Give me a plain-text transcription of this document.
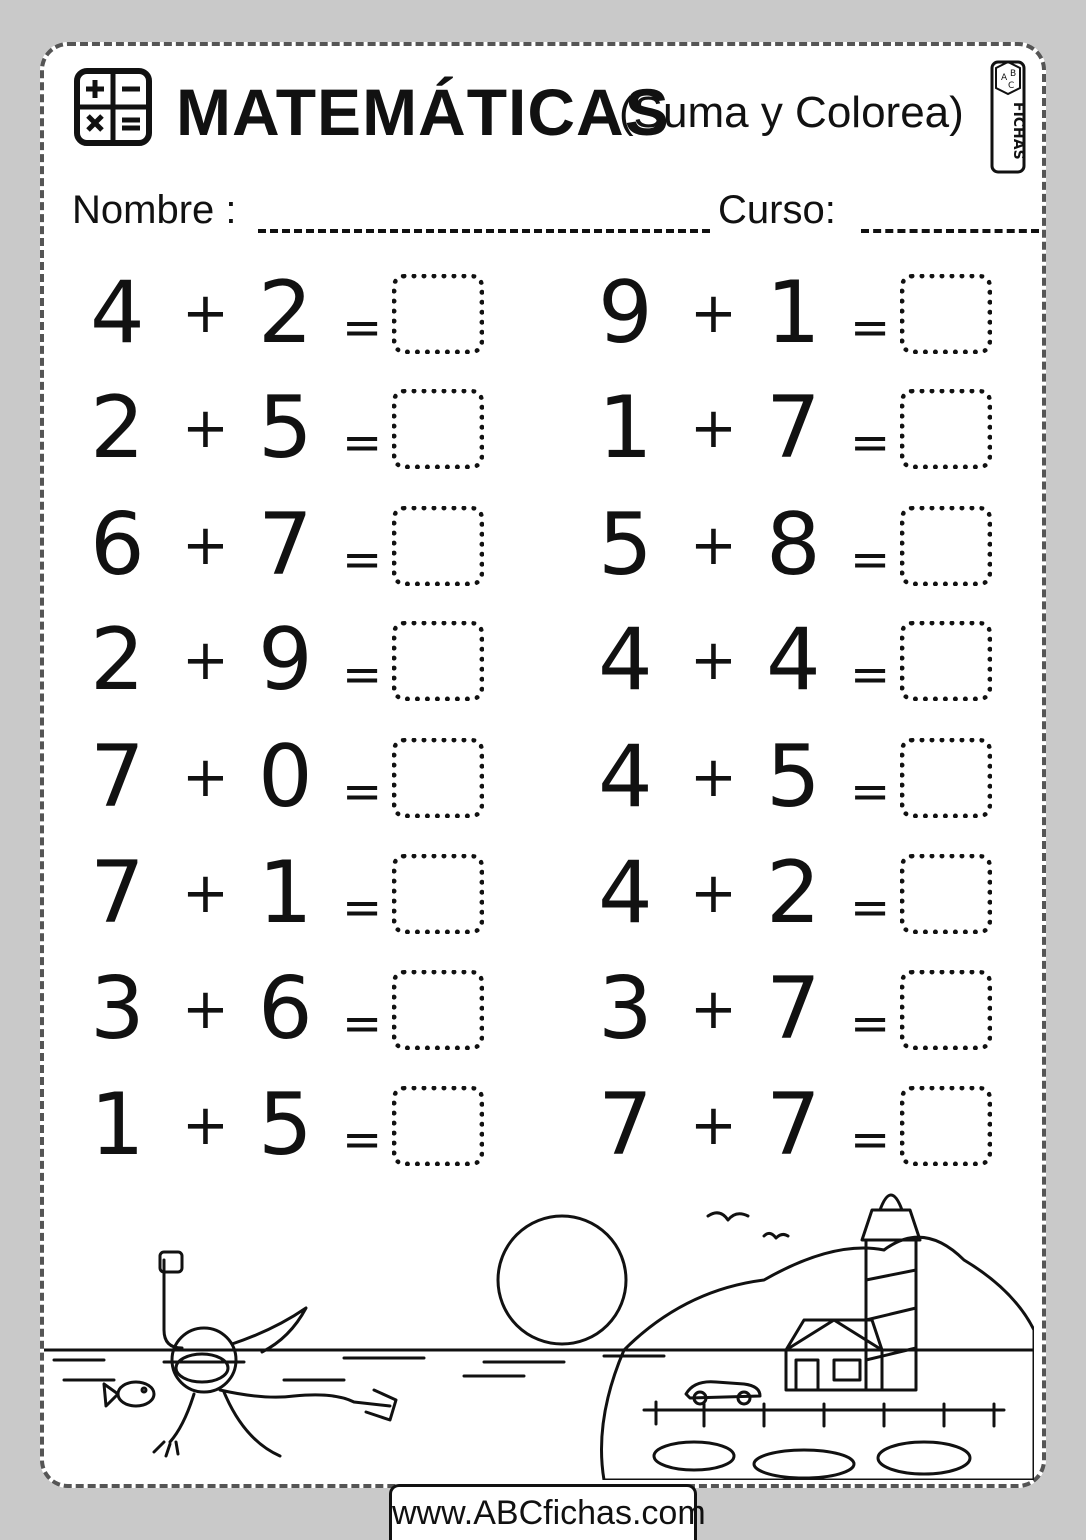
MATEMÁTICAS
(Suma y Colorea)
A B
C
FICHAS
Nombre :	Curso:
4 + 2 =
2 + 5 =
6 + 7 =
2 + 9 =
7 + 0 =
7 + 1 =
3 + 6 =
1 + 5 =
9 + 1 =
1 + 7 =
5 + 8 =
4 + 4 =
4 + 5 =
4 + 2 =
3 + 7 =
7 + 7 =
www.ABCfichas.com
